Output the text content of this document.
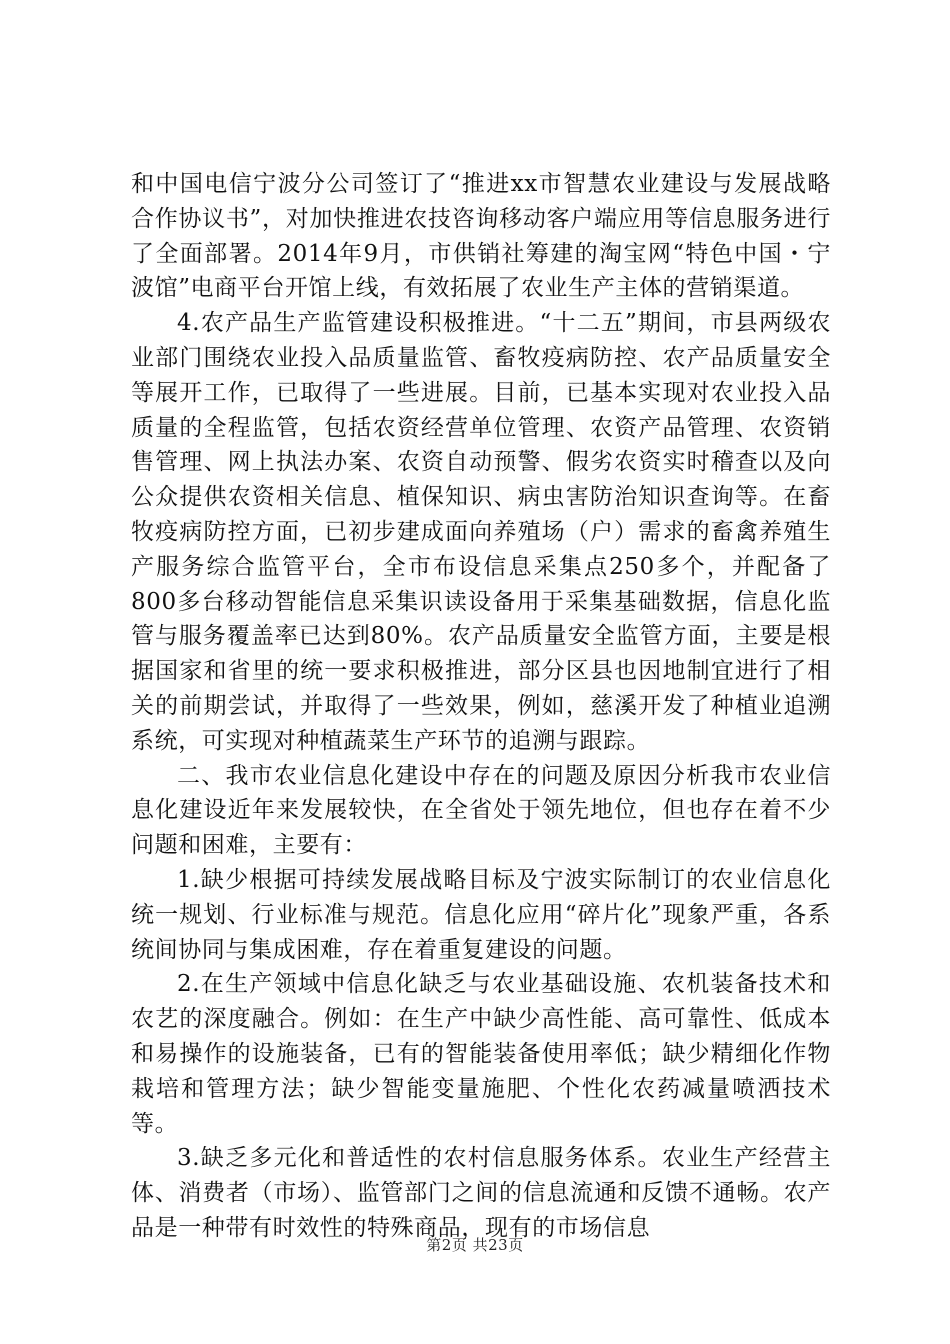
和中国电信宁波分公司签订了“推进xx市智慧农业建设与发展战略合作协议书”，对加快推进农技咨询移动客户端应用等信息服务进行了全面部署。2014年9月，市供销社筹建的淘宝网“特色中国・宁波馆”电商平台开馆上线，有效拓展了农业生产主体的营销渠道。

4.农产品生产监管建设积极推进。“十二五”期间，市县两级农业部门围绕农业投入品质量监管、畜牧疫病防控、农产品质量安全等展开工作，已取得了一些进展。目前，已基本实现对农业投入品质量的全程监管，包括农资经营单位管理、农资产品管理、农资销售管理、网上执法办案、农资自动预警、假劣农资实时稽查以及向公众提供农资相关信息、植保知识、病虫害防治知识查询等。在畜牧疫病防控方面，已初步建成面向养殖场（户）需求的畜禽养殖生产服务综合监管平台，全市布设信息采集点250多个，并配备了800多台移动智能信息采集识读设备用于采集基础数据，信息化监管与服务覆盖率已达到80%。农产品质量安全监管方面，主要是根据国家和省里的统一要求积极推进，部分区县也因地制宜进行了相关的前期尝试，并取得了一些效果，例如，慈溪开发了种植业追溯系统，可实现对种植蔬菜生产环节的追溯与跟踪。

二、我市农业信息化建设中存在的问题及原因分析我市农业信息化建设近年来发展较快，在全省处于领先地位，但也存在着不少问题和困难，主要有：

1.缺少根据可持续发展战略目标及宁波实际制订的农业信息化统一规划、行业标准与规范。信息化应用“碎片化”现象严重，各系统间协同与集成困难，存在着重复建设的问题。

2.在生产领域中信息化缺乏与农业基础设施、农机装备技术和农艺的深度融合。例如：在生产中缺少高性能、高可靠性、低成本和易操作的设施装备，已有的智能装备使用率低；缺少精细化作物栽培和管理方法；缺少智能变量施肥、个性化农药减量喷洒技术等。

3.缺乏多元化和普适性的农村信息服务体系。农业生产经营主体、消费者（市场）、监管部门之间的信息流通和反馈不通畅。农产品是一种带有时效性的特殊商品，现有的市场信息

第2页 共23页
